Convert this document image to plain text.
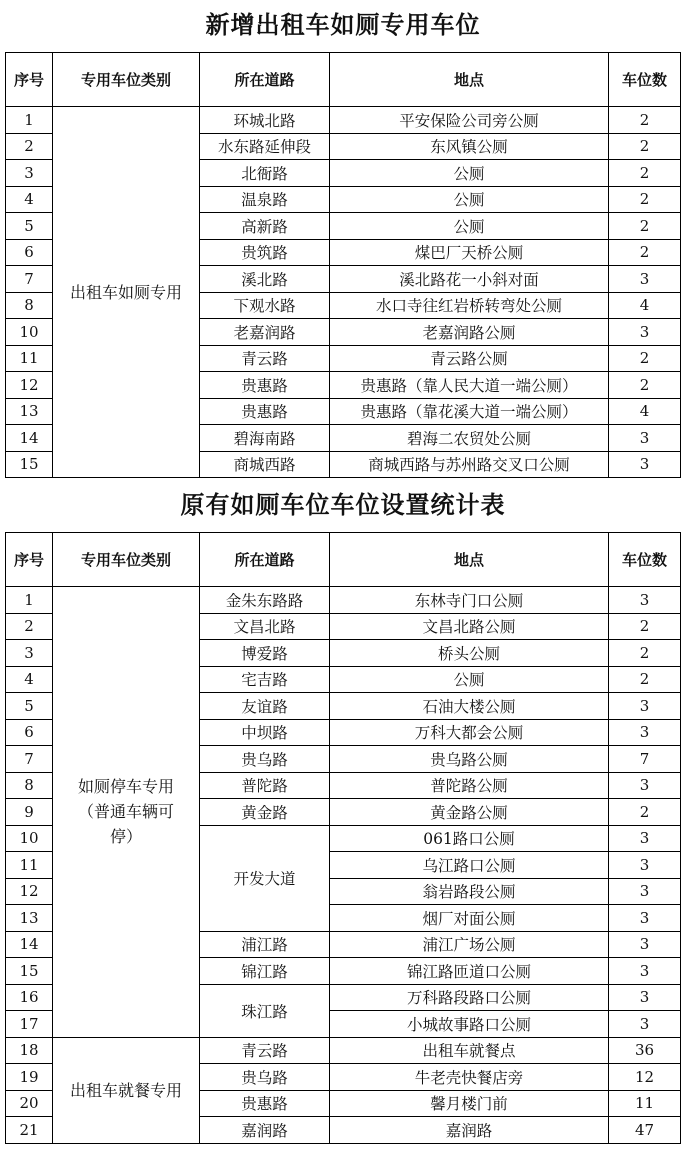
新增出租车如厕专用车位
序号	专用车位类别	所在道路	地点	车位数
1	出租车如厕专用	环城北路	平安保险公司旁公厕	2
2		水东路延伸段	东风镇公厕	2
3		北衙路	公厕	2
4		温泉路	公厕	2
5		高新路	公厕	2
6		贵筑路	煤巴厂天桥公厕	2
7		溪北路	溪北路花一小斜对面	3
8		下观水路	水口寺往红岩桥转弯处公厕	4
10		老嘉润路	老嘉润路公厕	3
11		青云路	青云路公厕	2
12		贵惠路	贵惠路（靠人民大道一端公厕）	2
13		贵惠路	贵惠路（靠花溪大道一端公厕）	4
14		碧海南路	碧海二农贸处公厕	3
15		商城西路	商城西路与苏州路交叉口公厕	3
原有如厕车位车位设置统计表
序号	专用车位类别	所在道路	地点	车位数
1	如厕停车专用（普通车辆可停）	金朱东路路	东林寺门口公厕	3
2		文昌北路	文昌北路公厕	2
3		博爱路	桥头公厕	2
4		宅吉路	公厕	2
5		友谊路	石油大楼公厕	3
6		中坝路	万科大都会公厕	3
7		贵乌路	贵乌路公厕	7
8		普陀路	普陀路公厕	3
9		黄金路	黄金路公厕	2
10		开发大道	061路口公厕	3
11			乌江路口公厕	3
12			翁岩路段公厕	3
13			烟厂对面公厕	3
14		浦江路	浦江广场公厕	3
15		锦江路	锦江路匝道口公厕	3
16		珠江路	万科路段路口公厕	3
17			小城故事路口公厕	3
18	出租车就餐专用	青云路	出租车就餐点	36
19		贵乌路	牛老壳快餐店旁	12
20		贵惠路	馨月楼门前	11
21		嘉润路	嘉润路	47
